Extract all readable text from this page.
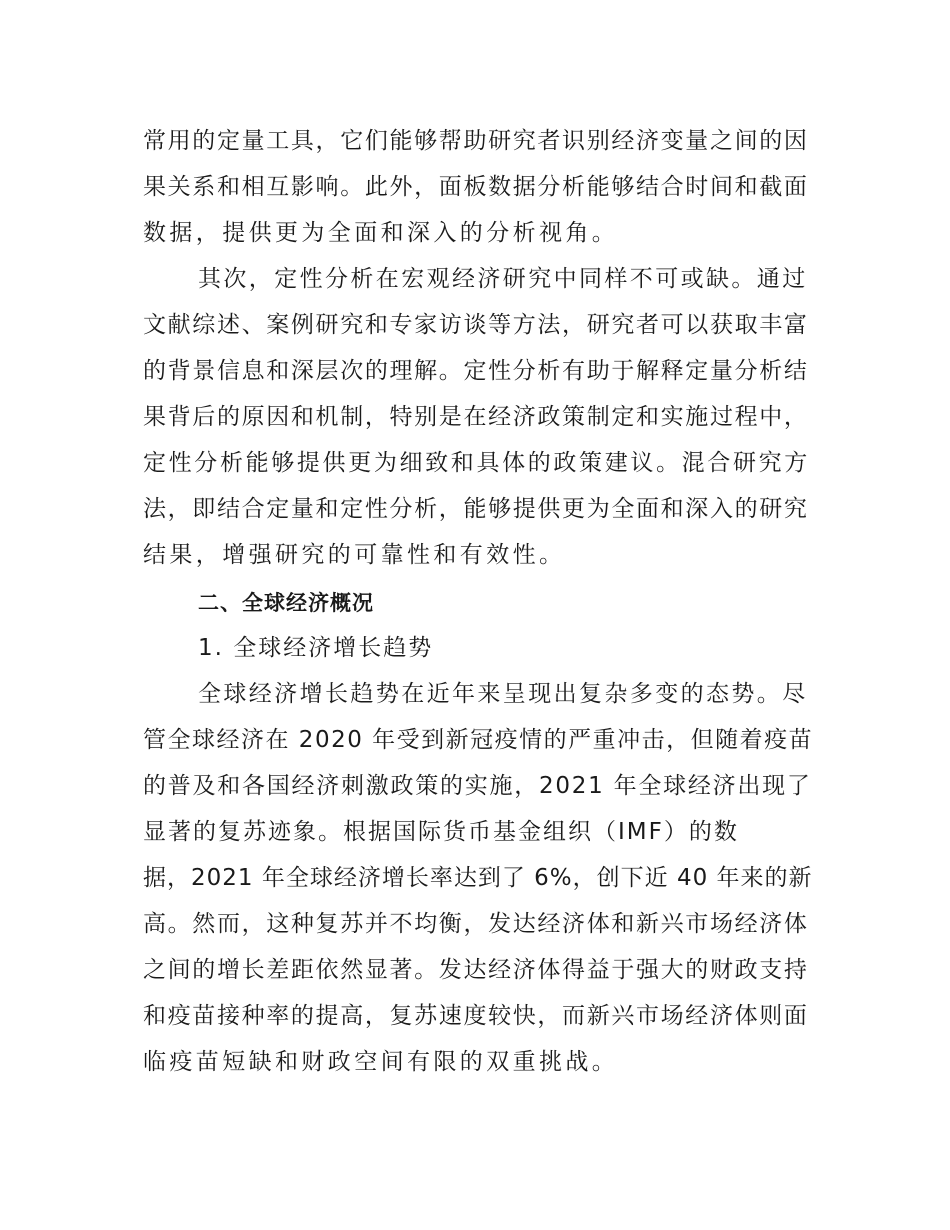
常用的定量工具，它们能够帮助研究者识别经济变量之间的因
果关系和相互影响。此外，面板数据分析能够结合时间和截面
数据，提供更为全面和深入的分析视角。
其次，定性分析在宏观经济研究中同样不可或缺。通过
文献综述、案例研究和专家访谈等方法，研究者可以获取丰富
的背景信息和深层次的理解。定性分析有助于解释定量分析结
果背后的原因和机制，特别是在经济政策制定和实施过程中，
定性分析能够提供更为细致和具体的政策建议。混合研究方
法，即结合定量和定性分析，能够提供更为全面和深入的研究
结果，增强研究的可靠性和有效性。
二、全球经济概况
1. 全球经济增长趋势
全球经济增长趋势在近年来呈现出复杂多变的态势。尽
管全球经济在 2020 年受到新冠疫情的严重冲击，但随着疫苗
的普及和各国经济刺激政策的实施，2021 年全球经济出现了
显著的复苏迹象。根据国际货币基金组织（IMF）的数
据，2021 年全球经济增长率达到了 6%，创下近 40 年来的新
高。然而，这种复苏并不均衡，发达经济体和新兴市场经济体
之间的增长差距依然显著。发达经济体得益于强大的财政支持
和疫苗接种率的提高，复苏速度较快，而新兴市场经济体则面
临疫苗短缺和财政空间有限的双重挑战。
